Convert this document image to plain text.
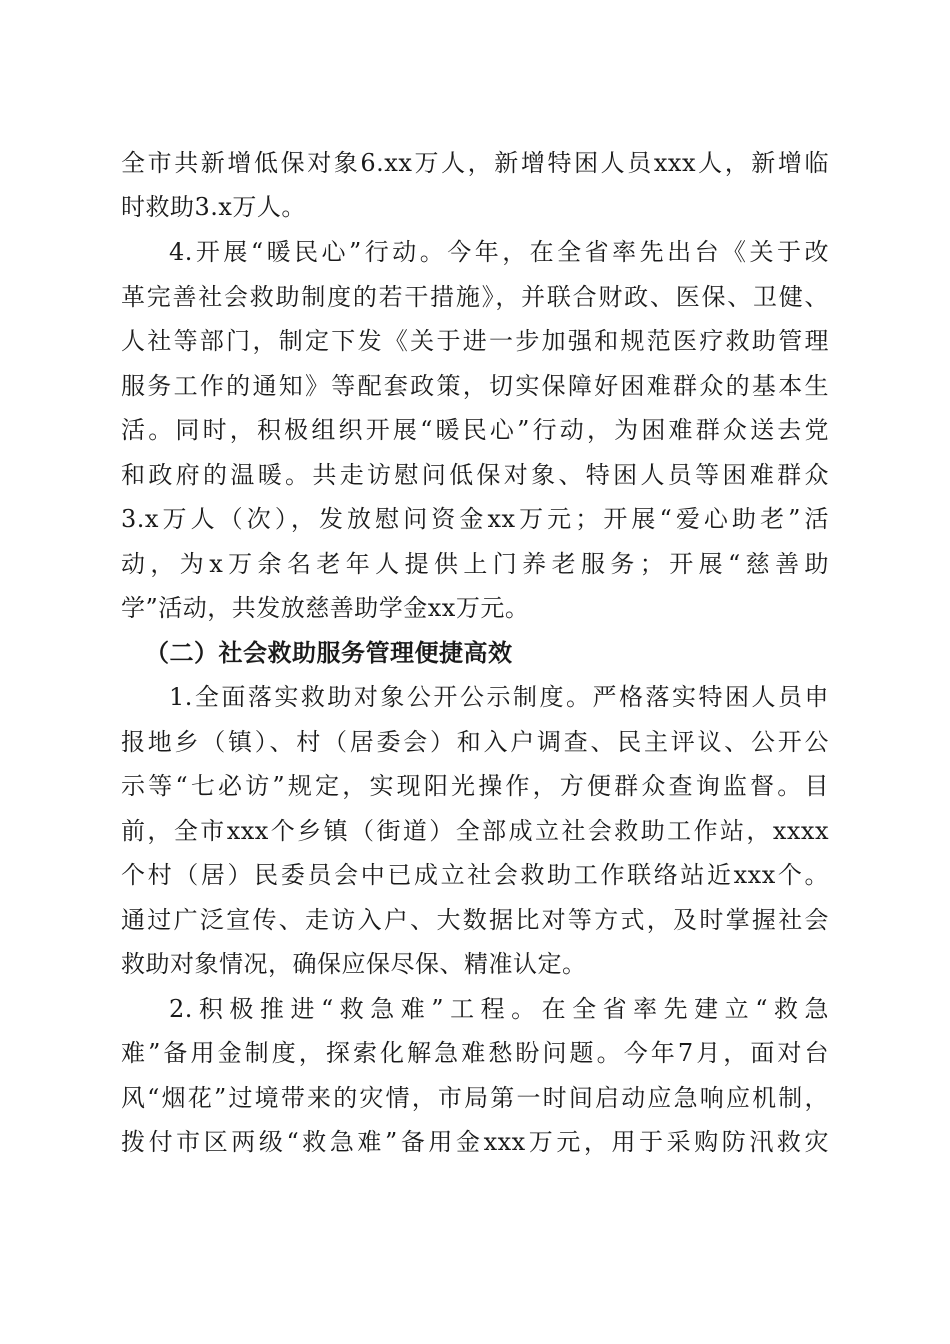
全市共新增低保对象6.xx万人，新增特困人员xxx人，新增临
时救助3.x万人。
4.开展“暖民心”行动。今年，在全省率先出台《关于改
革完善社会救助制度的若干措施》，并联合财政、医保、卫健、
人社等部门，制定下发《关于进一步加强和规范医疗救助管理
服务工作的通知》等配套政策，切实保障好困难群众的基本生
活。同时，积极组织开展“暖民心”行动，为困难群众送去党
和政府的温暖。共走访慰问低保对象、特困人员等困难群众
3.x万人（次），发放慰问资金xx万元；开展“爱心助老”活
动，为x万余名老年人提供上门养老服务；开展“慈善助
学”活动，共发放慈善助学金xx万元。
（二）社会救助服务管理便捷高效
1.全面落实救助对象公开公示制度。严格落实特困人员申
报地乡（镇）、村（居委会）和入户调查、民主评议、公开公
示等“七必访”规定，实现阳光操作，方便群众查询监督。目
前，全市xxx个乡镇（街道）全部成立社会救助工作站，xxxx
个村（居）民委员会中已成立社会救助工作联络站近xxx个。
通过广泛宣传、走访入户、大数据比对等方式，及时掌握社会
救助对象情况，确保应保尽保、精准认定。
2.积极推进“救急难”工程。在全省率先建立“救急
难”备用金制度，探索化解急难愁盼问题。今年7月，面对台
风“烟花”过境带来的灾情，市局第一时间启动应急响应机制，
拨付市区两级“救急难”备用金xxx万元，用于采购防汛救灾
